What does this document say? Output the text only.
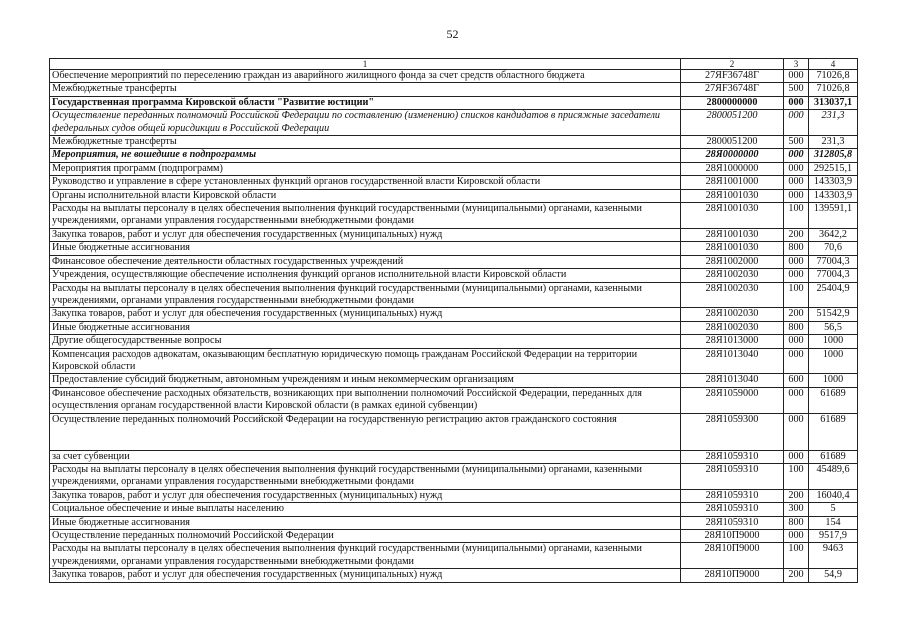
52
1	2	3	4
Обеспечение мероприятий по переселению граждан из аварийного жилищного фонда за счет средств областного бюджета	27ЯF36748Г	000	71026,8
Межбюджетные трансферты	27ЯF36748Г	500	71026,8
Государственная программа Кировской области "Развитие юстиции"	2800000000	000	313037,1
Осуществление переданных полномочий Российской Федерации по составлению (изменению) списков кандидатов в присяжные заседатели федеральных судов общей юрисдикции в Российской Федерации	2800051200	000	231,3
Межбюджетные трансферты	2800051200	500	231,3
Мероприятия, не вошедшие в подпрограммы	28Я0000000	000	312805,8
Мероприятия программ (подпрограмм)	28Я1000000	000	292515,1
Руководство и управление в сфере установленных функций органов государственной власти Кировской области	28Я1001000	000	143303,9
Органы исполнительной власти Кировской области	28Я1001030	000	143303,9
Расходы на выплаты персоналу в целях обеспечения выполнения функций государственными (муниципальными) органами, казенными учреждениями, органами управления государственными внебюджетными фондами	28Я1001030	100	139591,1
Закупка товаров, работ и услуг для обеспечения государственных (муниципальных) нужд	28Я1001030	200	3642,2
Иные бюджетные ассигнования	28Я1001030	800	70,6
Финансовое обеспечение деятельности областных государственных учреждений	28Я1002000	000	77004,3
Учреждения, осуществляющие обеспечение исполнения функций органов исполнительной власти Кировской области	28Я1002030	000	77004,3
Расходы на выплаты персоналу в целях обеспечения выполнения функций государственными (муниципальными) органами, казенными учреждениями, органами управления государственными внебюджетными фондами	28Я1002030	100	25404,9
Закупка товаров, работ и услуг для обеспечения государственных (муниципальных) нужд	28Я1002030	200	51542,9
Иные бюджетные ассигнования	28Я1002030	800	56,5
Другие общегосударственные вопросы	28Я1013000	000	1000
Компенсация расходов адвокатам, оказывающим бесплатную юридическую помощь гражданам Российской Федерации на территории Кировской области	28Я1013040	000	1000
Предоставление субсидий бюджетным, автономным учреждениям и иным некоммерческим организациям	28Я1013040	600	1000
Финансовое обеспечение расходных обязательств, возникающих при выполнении полномочий Российской Федерации, переданных для осуществления органам государственной власти Кировской области (в рамках единой субвенции)	28Я1059000	000	61689
Осуществление переданных полномочий Российской Федерации на государственную регистрацию актов гражданского состояния	28Я1059300	000	61689
за счет субвенции	28Я1059310	000	61689
Расходы на выплаты персоналу в целях обеспечения выполнения функций государственными (муниципальными) органами, казенными учреждениями, органами управления государственными внебюджетными фондами	28Я1059310	100	45489,6
Закупка товаров, работ и услуг для обеспечения государственных (муниципальных) нужд	28Я1059310	200	16040,4
Социальное обеспечение и иные выплаты населению	28Я1059310	300	5
Иные бюджетные ассигнования	28Я1059310	800	154
Осуществление переданных полномочий Российской Федерации	28Я10П9000	000	9517,9
Расходы на выплаты персоналу в целях обеспечения выполнения функций государственными (муниципальными) органами, казенными учреждениями, органами управления государственными внебюджетными фондами	28Я10П9000	100	9463
Закупка товаров, работ и услуг для обеспечения государственных (муниципальных) нужд	28Я10П9000	200	54,9
